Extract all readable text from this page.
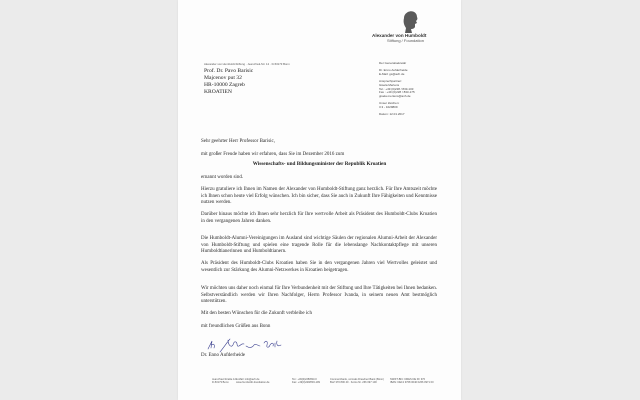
Alexander von Humboldt
Stiftung / Foundation
Alexander von Humboldt-Stiftung · Jean-Paul-Str. 12 · D-53173 Bonn
Prof. Dr. Pavo Barisic
Majcenov put 32
HR-10000 Zagreb
KROATIEN
Der Generalsekretär
Dr. Enno Aufderheide
E-Mail: gs@avh.de
Ansprechpartner:
Gisela Mertens
Tel.: +49 (0)228 / 833-103
Fax : +49 (0)228 / 833-175
gisela.mertens@avh.de
Unser Zeichen:
3.3 - 1029809
Datum: 12.01.2017
Sehr geehrter Herr Professor Barisic,
mit großer Freude haben wir erfahren, dass Sie im Dezember 2016 zum
Wissenschafts- und Bildungsminister der Republik Kroatien
ernannt worden sind.
Hierzu gratuliere ich Ihnen im Namen der Alexander von Humboldt-Stiftung ganz herzlich. Für Ihre Amtszeit möchte ich Ihnen schon heute viel Erfolg wünschen. Ich bin sicher, dass Sie auch in Zukunft Ihre Fähigkeiten und Kenntnisse nutzen werden.
Darüber hinaus möchte ich Ihnen sehr herzlich für Ihre wertvolle Arbeit als Präsident des Humboldt-Clubs Kroatien in den vergangenen Jahren danken.
Die Humboldt-Alumni-Vereinigungen im Ausland sind wichtige Säulen der regionalen Alumni-Arbeit der Alexander von Humboldt-Stiftung und spielen eine tragende Rolle für die lebenslange Nachkontaktpflege mit unseren Humboldtianerinnen und Humboldtianern.
Als Präsident des Humboldt-Clubs Kroatien haben Sie in den vergangenen Jahren viel Wertvolles geleistet und wesentlich zur Stärkung des Alumni-Netzwerkes in Kroatien beigetragen.
Wir möchten uns daher noch einmal für Ihre Verbundenheit mit der Stiftung und Ihre Tätigkeiten bei Ihnen bedanken. Selbstverständlich werden wir Ihren Nachfolger, Herrn Professor Ivanda, in seinem neuen Amt bestmöglich unterstützen.
Mit den besten Wünschen für die Zukunft verbleibe ich
mit freundlichen Grüßen aus Bonn
Dr. Enno Aufderheide
Jean-Paul-Straße 12
D-53173 Bonn
E-Mail: info@avh.de
www.humboldt-foundation.de
Tel.: +49(0)228/833-0
Fax: +49(0)228/833-199
Commerzbank, vormals Dresdner Bank (Bonn)
BLZ 370 800 40 · Konto Nr. 266 097 100
SWIFT-BIC: DRES DE FF 370
IBAN: DE13 3708 0040 0266 0971 00
